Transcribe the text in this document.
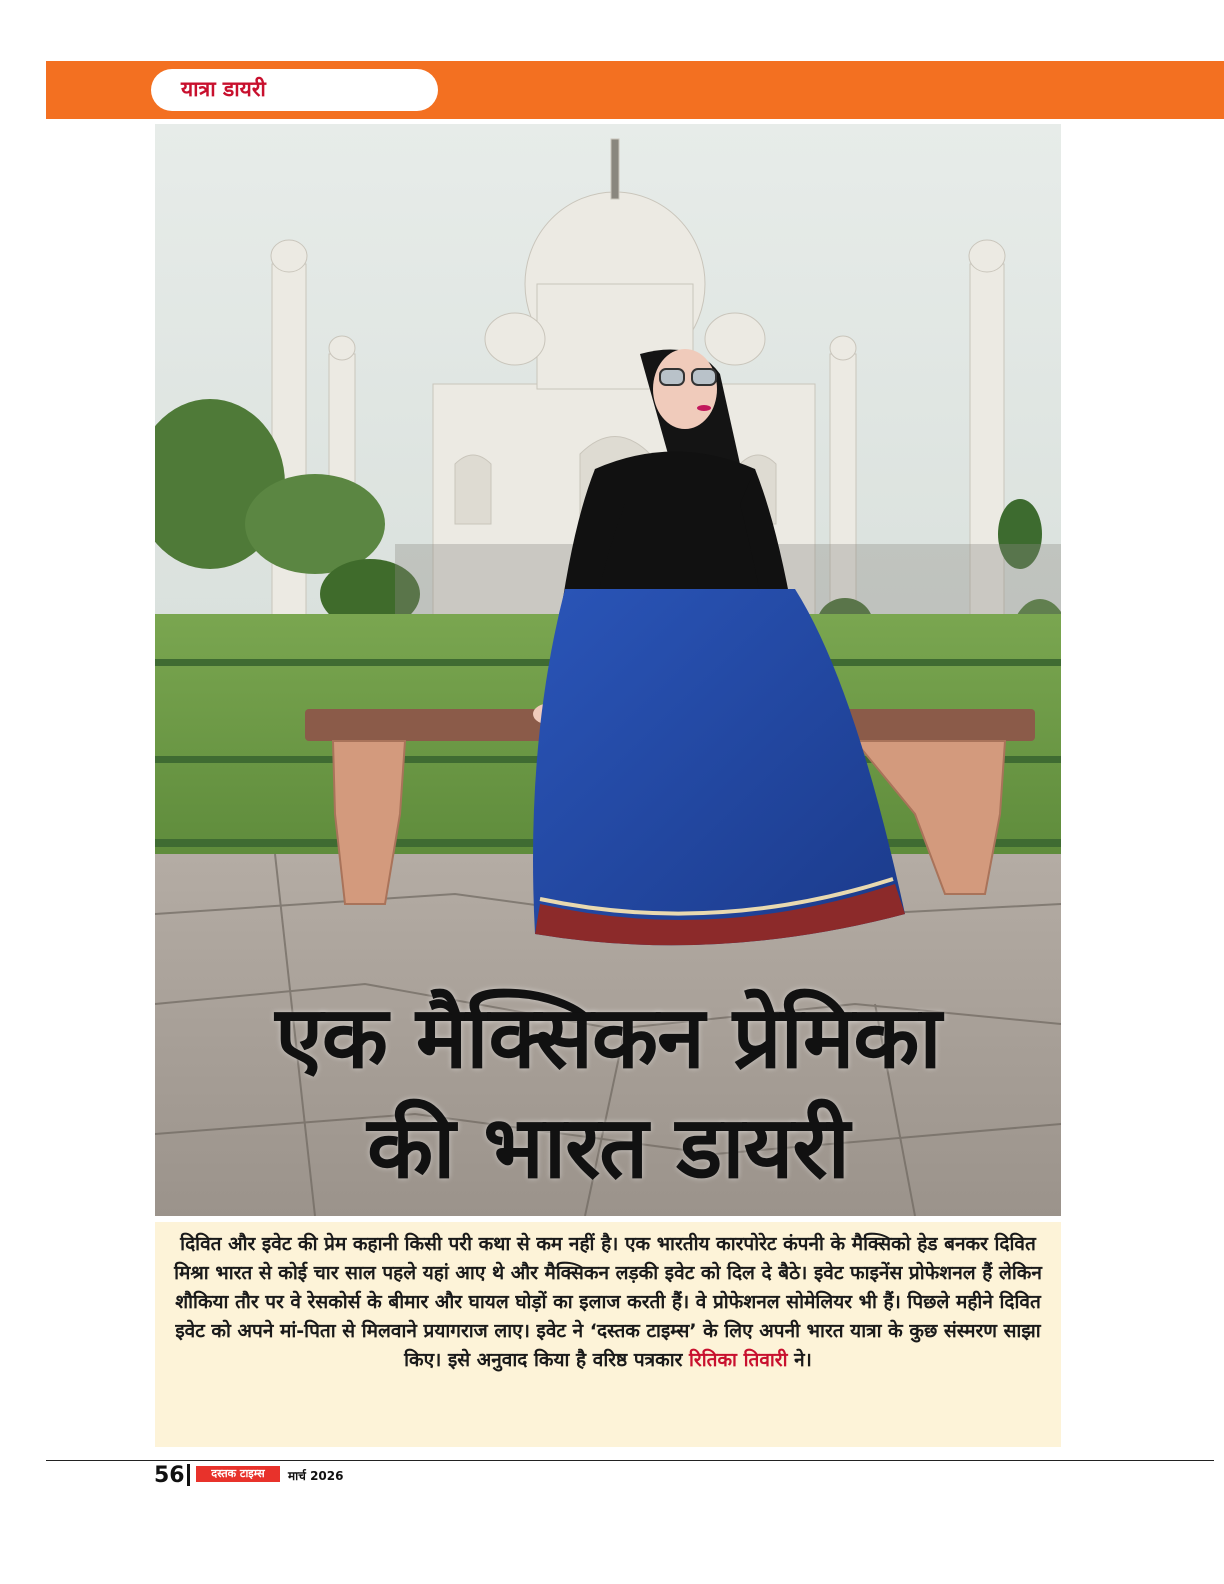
यात्रा डायरी
एक मैक्सिकन प्रेमिका
की भारत डायरी
दिवित और इवेट की प्रेम कहानी किसी परी कथा से कम नहीं है। एक भारतीय कारपोरेट कंपनी के मैक्सिको हेड बनकर दिवित मिश्रा भारत से कोई चार साल पहले यहां आए थे और मैक्सिकन लड़की इवेट को दिल दे बैठे। इवेट फाइनेंस प्रोफेशनल हैं लेकिन शौकिया तौर पर वे रेसकोर्स के बीमार और घायल घोड़ों का इलाज करती हैं। वे प्रोफेशनल सोमेलियर भी हैं। पिछले महीने दिवित इवेट को अपने मां-पिता से मिलवाने प्रयागराज लाए। इवेट ने ‘दस्तक टाइम्स’ के लिए अपनी भारत यात्रा के कुछ संस्मरण साझा किए। इसे अनुवाद किया है वरिष्ठ पत्रकार रितिका तिवारी ने।
56	दस्तक टाइम्स	मार्च 2026
